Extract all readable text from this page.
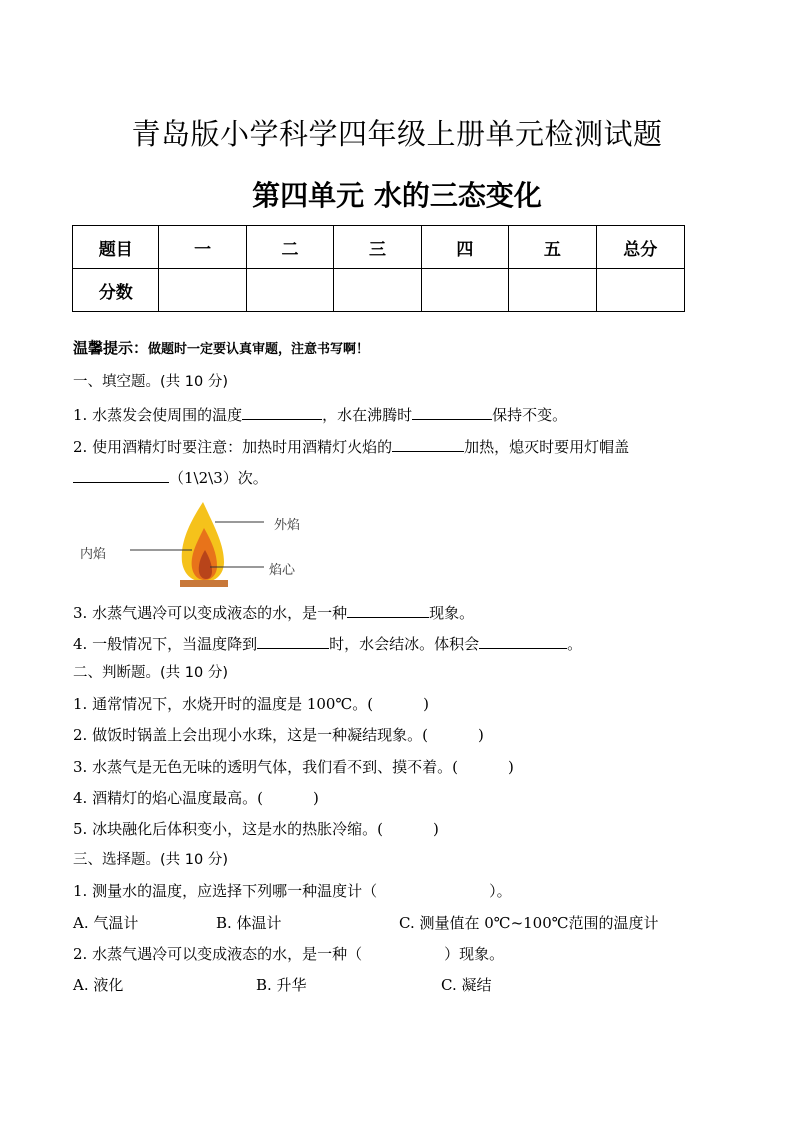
青岛版小学科学四年级上册单元检测试题
第四单元 水的三态变化
题目	一	二	三	四	五	总分
分数						
温馨提示：做题时一定要认真审题，注意书写啊！
一、填空题。(共 10 分)
1. 水蒸发会使周围的温度	，水在沸腾时	保持不变。
2. 使用酒精灯时要注意：加热时用酒精灯火焰的	加热，熄灭时要用灯帽盖
（1\2\3）次。
外焰
内焰
焰心
3. 水蒸气遇冷可以变成液态的水，是一种	现象。
4. 一般情况下，当温度降到	时，水会结冰。体积会	。
二、判断题。(共 10 分)
1. 通常情况下，水烧开时的温度是 100℃。(	)
2. 做饭时锅盖上会出现小水珠，这是一种凝结现象。(	)
3. 水蒸气是无色无味的透明气体，我们看不到、摸不着。(	)
4. 酒精灯的焰心温度最高。(	)
5. 冰块融化后体积变小，这是水的热胀冷缩。(	)
三、选择题。(共 10 分)
1. 测量水的温度，应选择下列哪一种温度计（	）。
A. 气温计	B. 体温计	C. 测量值在 0℃~100℃范围的温度计
2. 水蒸气遇冷可以变成液态的水，是一种（	）现象。
A. 液化	B. 升华	C. 凝结
